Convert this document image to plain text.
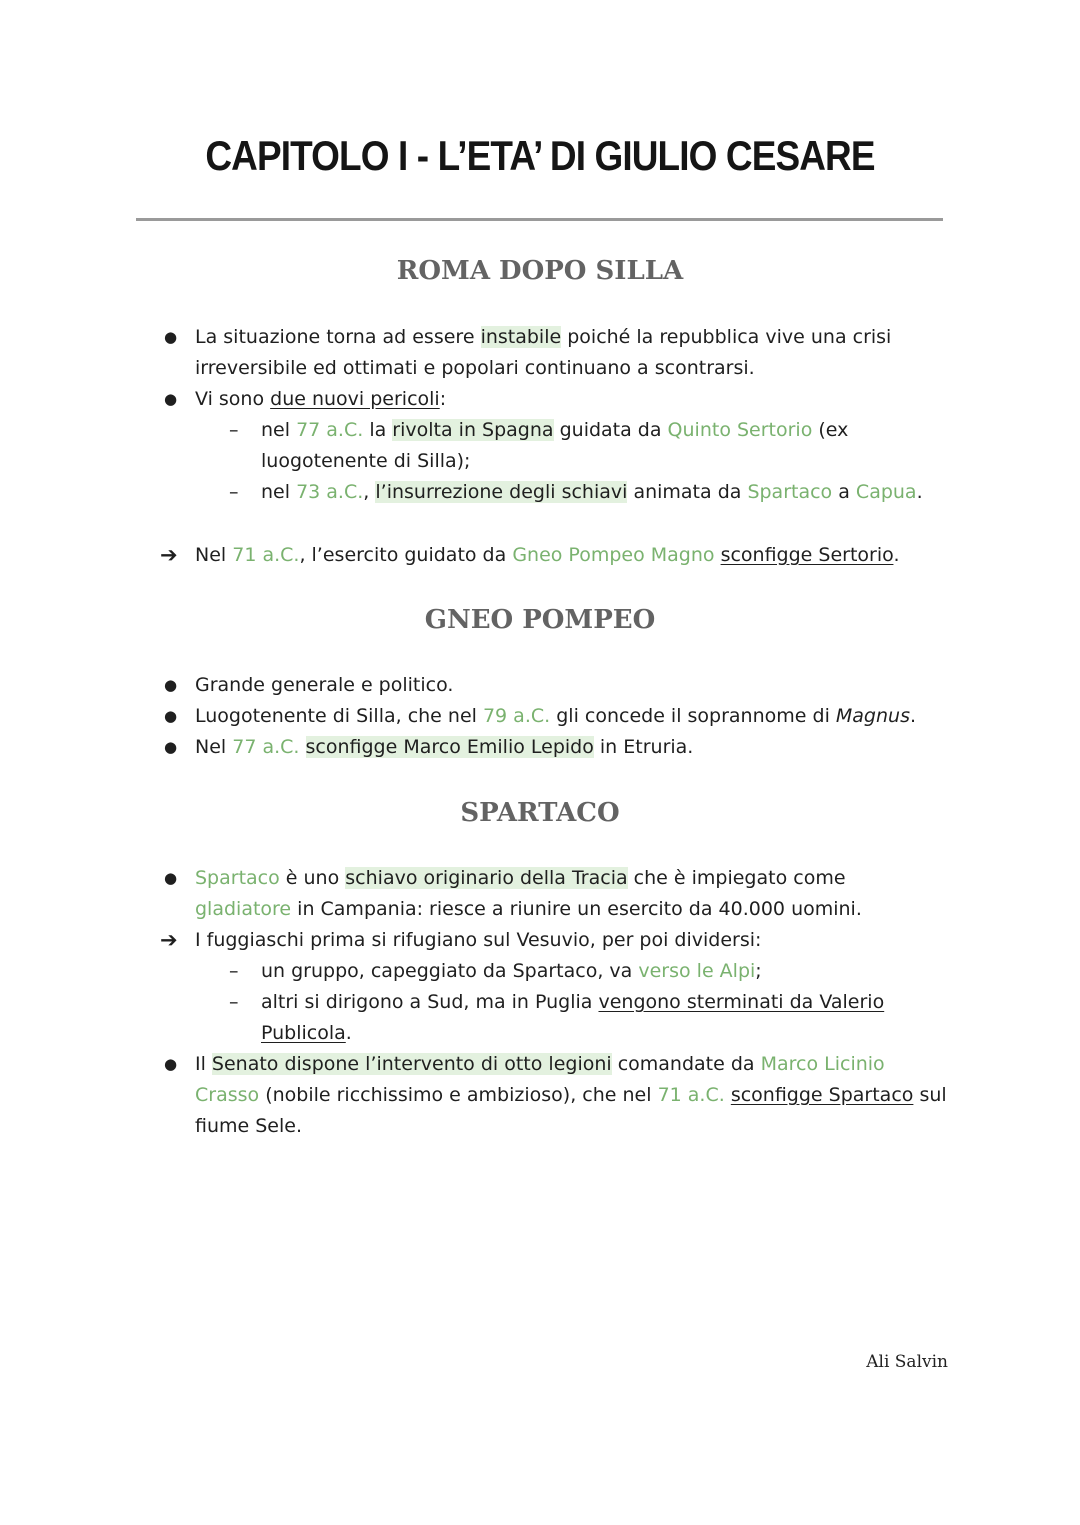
CAPITOLO I - L’ETA’ DI GIULIO CESARE
ROMA DOPO SILLA
● La situazione torna ad essere instabile poiché la repubblica vive una crisi
irreversibile ed ottimati e popolari continuano a scontrarsi.
● Vi sono due nuovi pericoli:
– nel 77 a.C. la rivolta in Spagna guidata da Quinto Sertorio (ex
luogotenente di Silla);
– nel 73 a.C., l’insurrezione degli schiavi animata da Spartaco a Capua.
➔ Nel 71 a.C., l’esercito guidato da Gneo Pompeo Magno sconfigge Sertorio.
GNEO POMPEO
● Grande generale e politico.
● Luogotenente di Silla, che nel 79 a.C. gli concede il soprannome di Magnus.
● Nel 77 a.C. sconfigge Marco Emilio Lepido in Etruria.
SPARTACO
● Spartaco è uno schiavo originario della Tracia che è impiegato come
gladiatore in Campania: riesce a riunire un esercito da 40.000 uomini.
➔ I fuggiaschi prima si rifugiano sul Vesuvio, per poi dividersi:
– un gruppo, capeggiato da Spartaco, va verso le Alpi;
– altri si dirigono a Sud, ma in Puglia vengono sterminati da Valerio
Publicola.
● Il Senato dispone l’intervento di otto legioni comandate da Marco Licinio
Crasso (nobile ricchissimo e ambizioso), che nel 71 a.C. sconfigge Spartaco sul
fiume Sele.
Ali Salvin
